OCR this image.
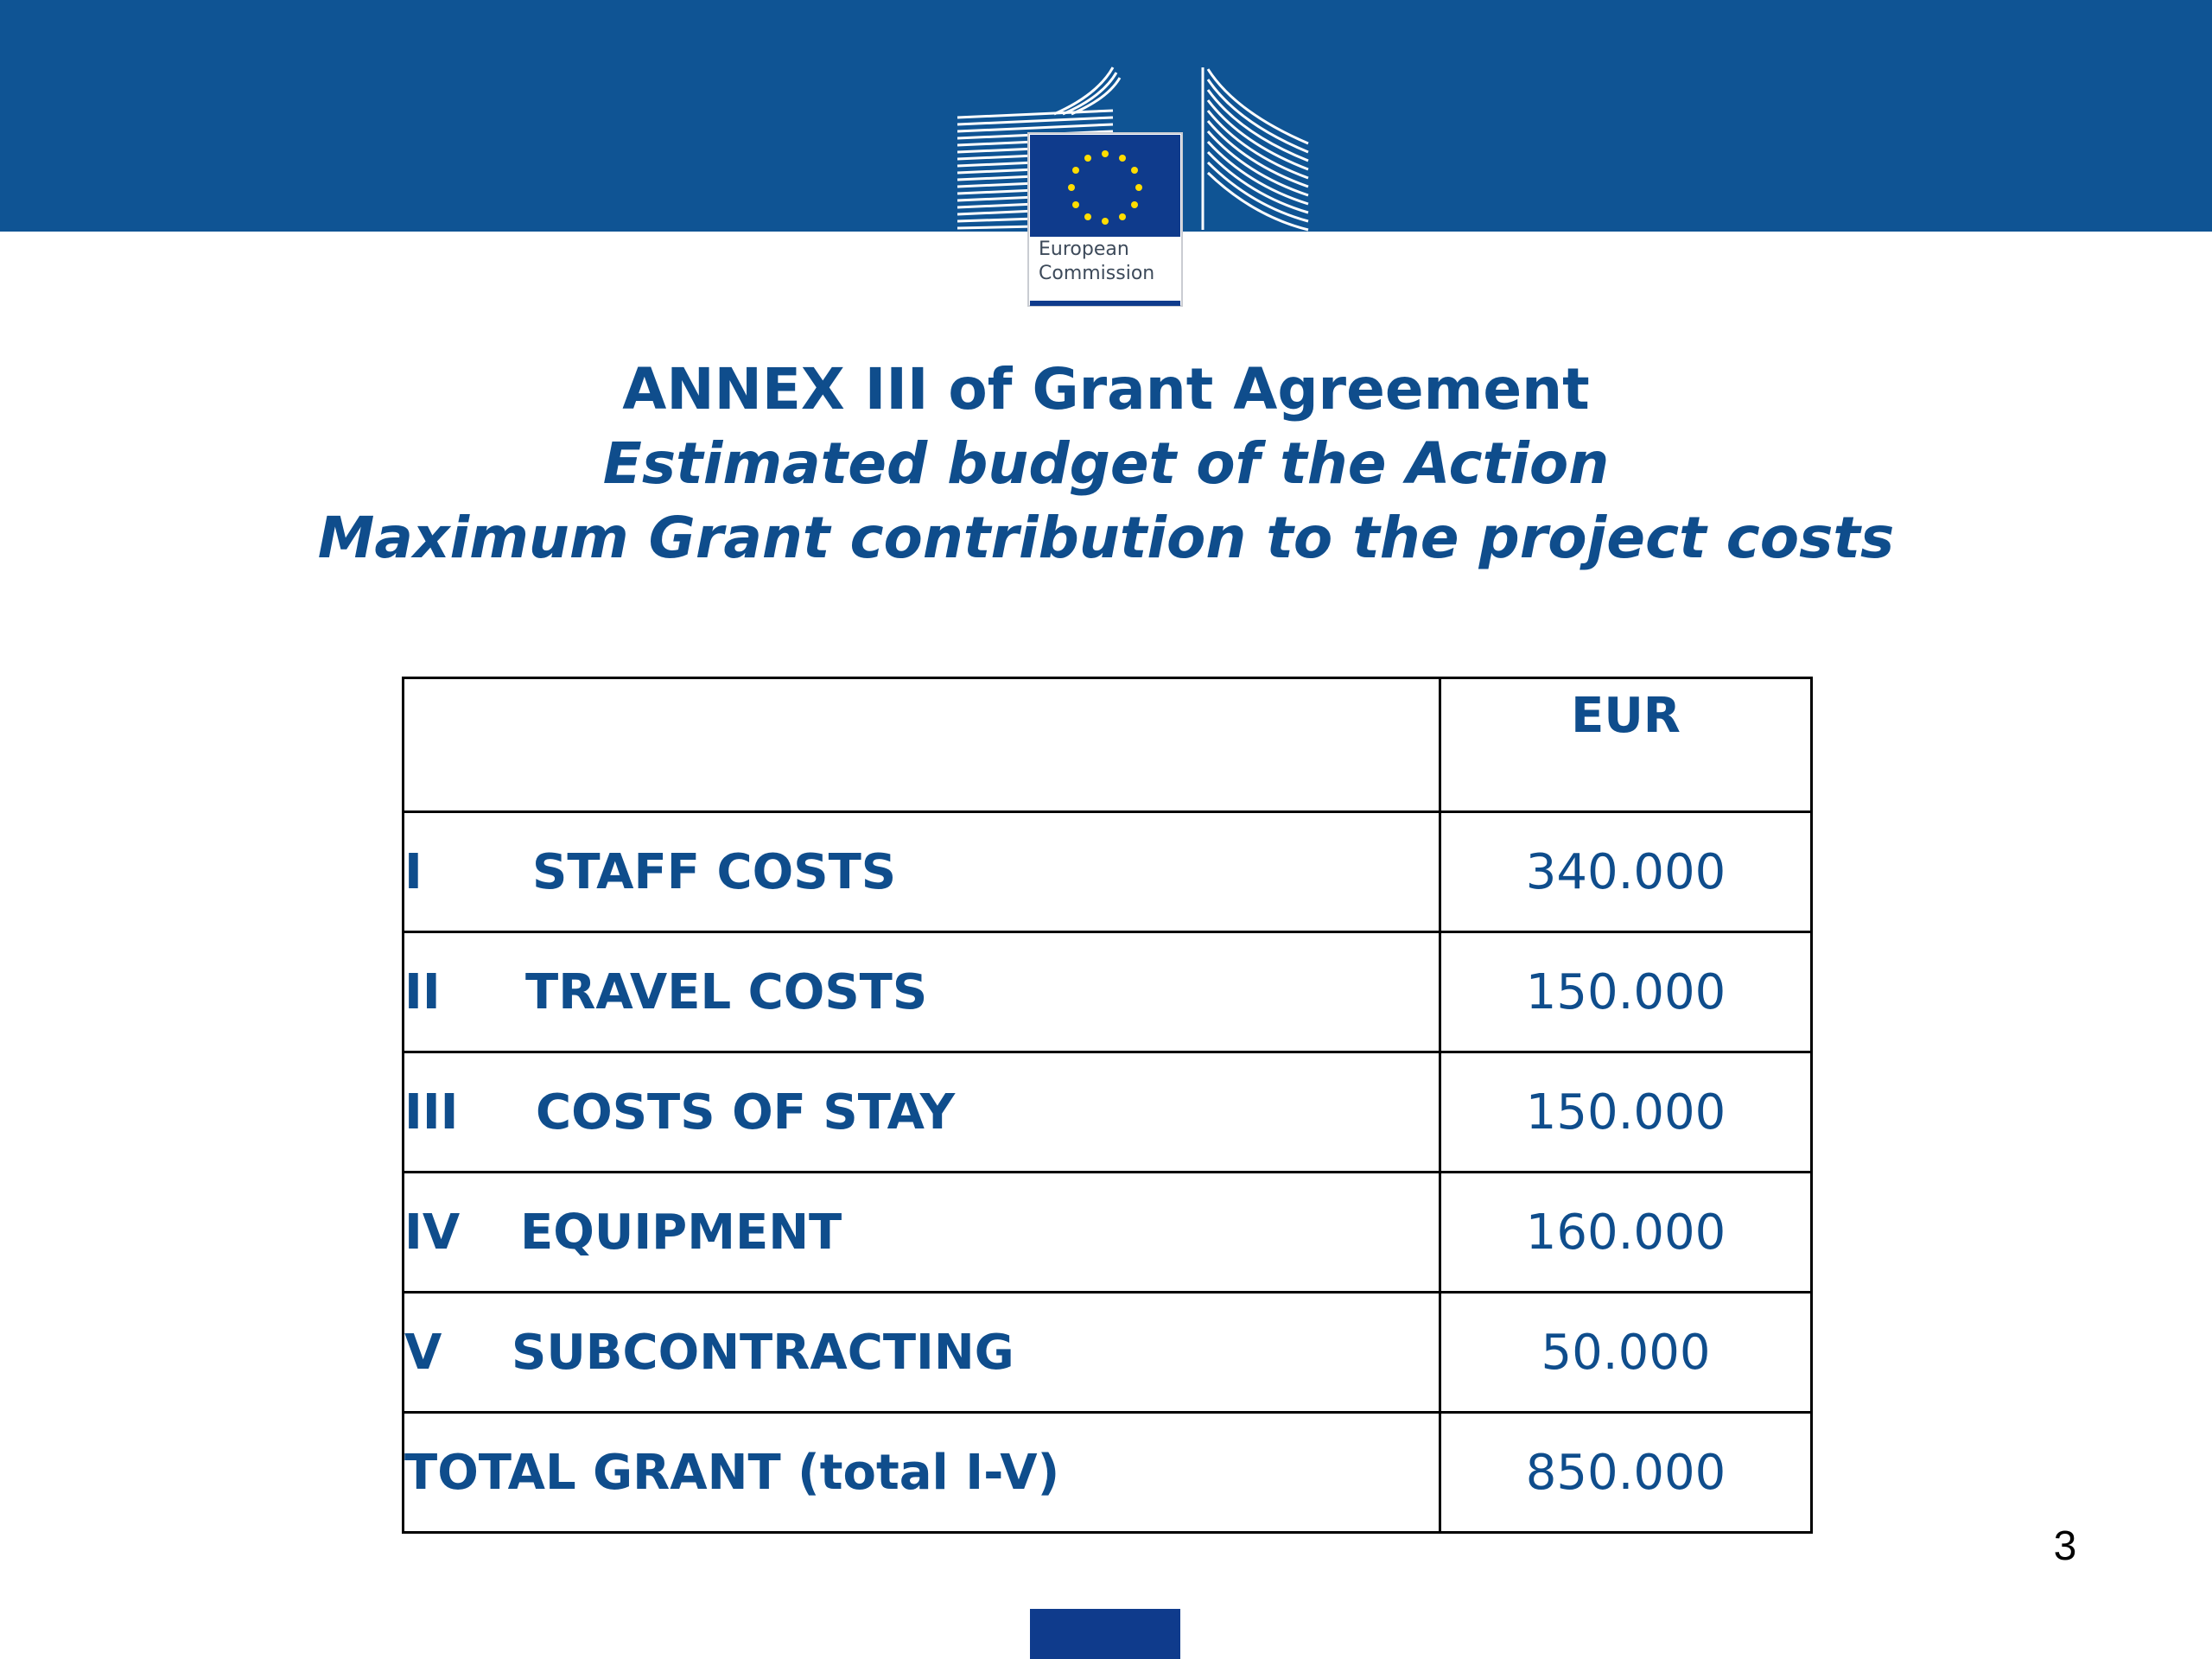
European
Commission
ANNEX III of Grant Agreement
Estimated budget of the Action
Maximum Grant contribution to the project costs

	EUR

I STAFF COSTS	340.000
II TRAVEL COSTS	150.000
III COSTS OF STAY	150.000
IV EQUIPMENT	160.000
V SUBCONTRACTING	50.000
TOTAL GRANT (total I-V)	850.000
3
